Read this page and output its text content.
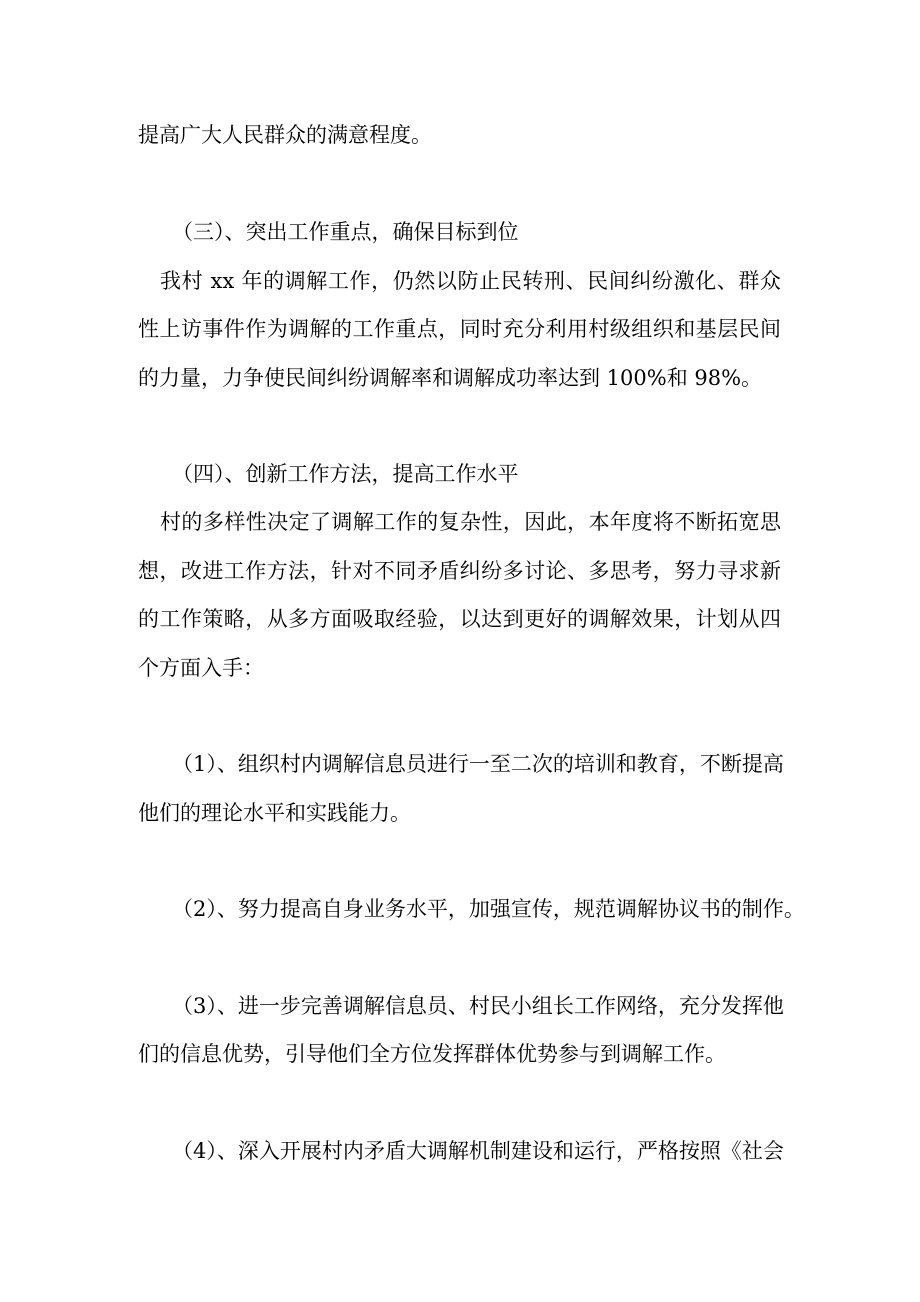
提高广大人民群众的满意程度。
（三）、突出工作重点，确保目标到位
我村 xx 年的调解工作，仍然以防止民转刑、民间纠纷激化、群众
性上访事件作为调解的工作重点，同时充分利用村级组织和基层民间
的力量，力争使民间纠纷调解率和调解成功率达到 100%和 98%。
（四）、创新工作方法，提高工作水平
村的多样性决定了调解工作的复杂性，因此，本年度将不断拓宽思
想，改进工作方法，针对不同矛盾纠纷多讨论、多思考，努力寻求新
的工作策略，从多方面吸取经验，以达到更好的调解效果，计划从四
个方面入手：
（1）、组织村内调解信息员进行一至二次的培训和教育，不断提高
他们的理论水平和实践能力。
（2）、努力提高自身业务水平，加强宣传，规范调解协议书的制作。
（3）、进一步完善调解信息员、村民小组长工作网络，充分发挥他
们的信息优势，引导他们全方位发挥群体优势参与到调解工作。
（4）、深入开展村内矛盾大调解机制建设和运行，严格按照《社会
